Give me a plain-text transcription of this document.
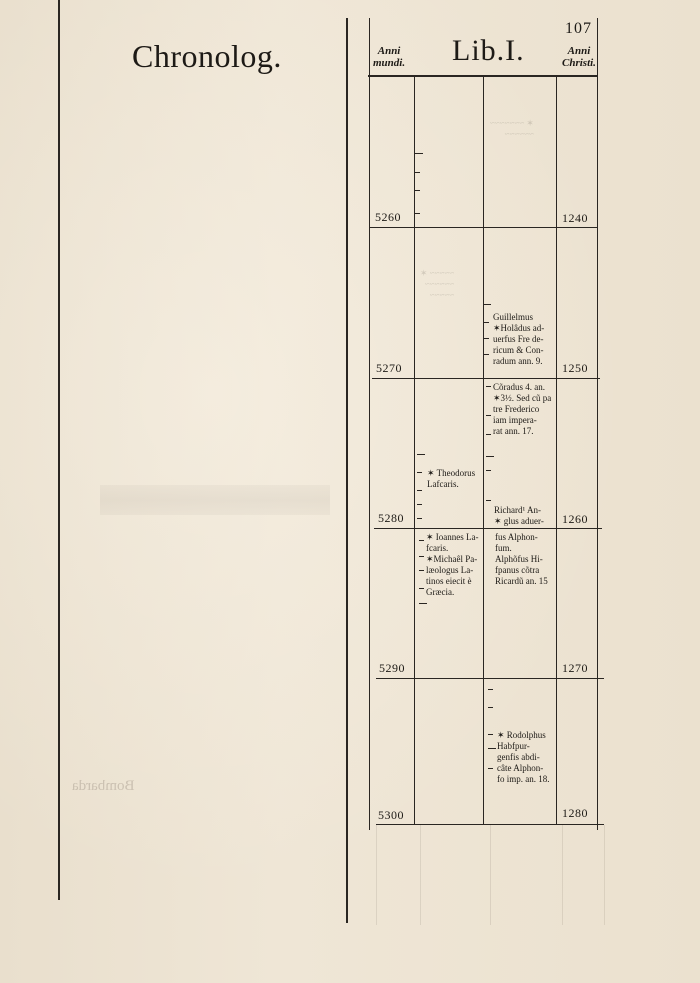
Chronolog.	Lib.I.
107
Anni
mundi.
Anni
Christi.
5260
5270
5280
5290
5300
1240
1250
1260
1270
1280
Guillelmus
✶Holâdus ad-
uerfus Fre de-
ricum & Con-
radum ann. 9.
Cõradus 4. an.
✶3½. Sed cũ pa
tre Frederico
iam impera-
rat ann. 17.
✶ Theodorus
Lafcaris.
Richard¹ An-
✶ glus aduer-
✶ Ioannes La-
fcaris.
✶Michaêl Pa-
læologus La-
tinos eiecit è
Græcia.
fus Alphon-
fum.
Alphõfus Hi-
fpanus cõtra
Ricardũ an. 15
✶ Rodolphus
Habfpur-
genfis abdi-
câte Alphon-
fo imp. an. 18.
Bombarda
✶ ~~~~~~~
~~~~~~
~~~~~ ✶
~~~~~~
~~~~~
